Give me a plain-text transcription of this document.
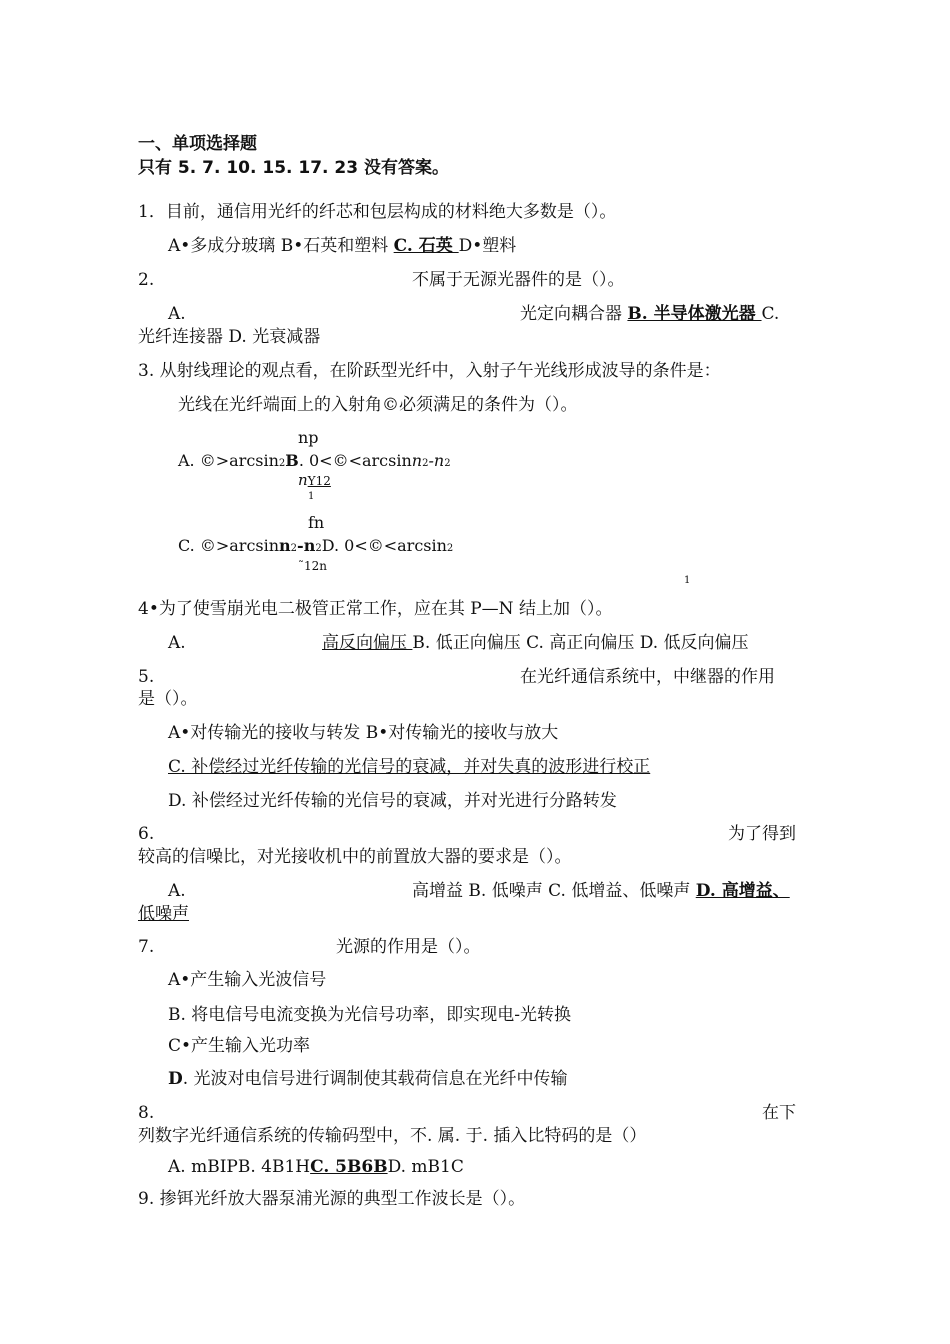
一、单项选择题
只有 5. 7. 10. 15. 17. 23 没有答案。
1．目前，通信用光纤的纤芯和包层构成的材料绝大多数是（）。
A•多成分玻璃 B•石英和塑料 C. 石英 D•塑料
2.	不属于无源光器件的是（）。
A.	光定向耦合器 B. 半导体激光器 C.
光纤连接器 D. 光衰减器
3. 从射线理论的观点看，在阶跃型光纤中，入射子午光线形成波导的条件是：
光线在光纤端面上的入射角©必须满足的条件为（）。
np
A. ©>arcsin2B. 0<©<arcsinn2-n2
nY12
1
fn
C. ©>arcsinn2-n2D. 0<©<arcsin2
˜12n
1
4•为了使雪崩光电二极管正常工作，应在其 P—N 结上加（）。
A.	高反向偏压 B. 低正向偏压 C. 高正向偏压 D. 低反向偏压
5.	在光纤通信系统中，中继器的作用
是（）。
A•对传输光的接收与转发 B•对传输光的接收与放大
C. 补偿经过光纤传输的光信号的衰减，并对失真的波形进行校正
D. 补偿经过光纤传输的光信号的衰减，并对光进行分路转发
6.	为了得到
较高的信噪比，对光接收机中的前置放大器的要求是（）。
A.	高增益 B. 低噪声 C. 低增益、低噪声 D. 高增益、
低噪声
7.	光源的作用是（）。
A•产生输入光波信号
B. 将电信号电流变换为光信号功率，即实现电-光转换
C•产生输入光功率
D. 光波对电信号进行调制使其载荷信息在光纤中传输
8.	在下
列数字光纤通信系统的传输码型中，不. 属. 于. 插入比特码的是（）
A. mBIPB. 4B1HC. 5B6BD. mB1C
9. 掺铒光纤放大器泵浦光源的典型工作波长是（）。
